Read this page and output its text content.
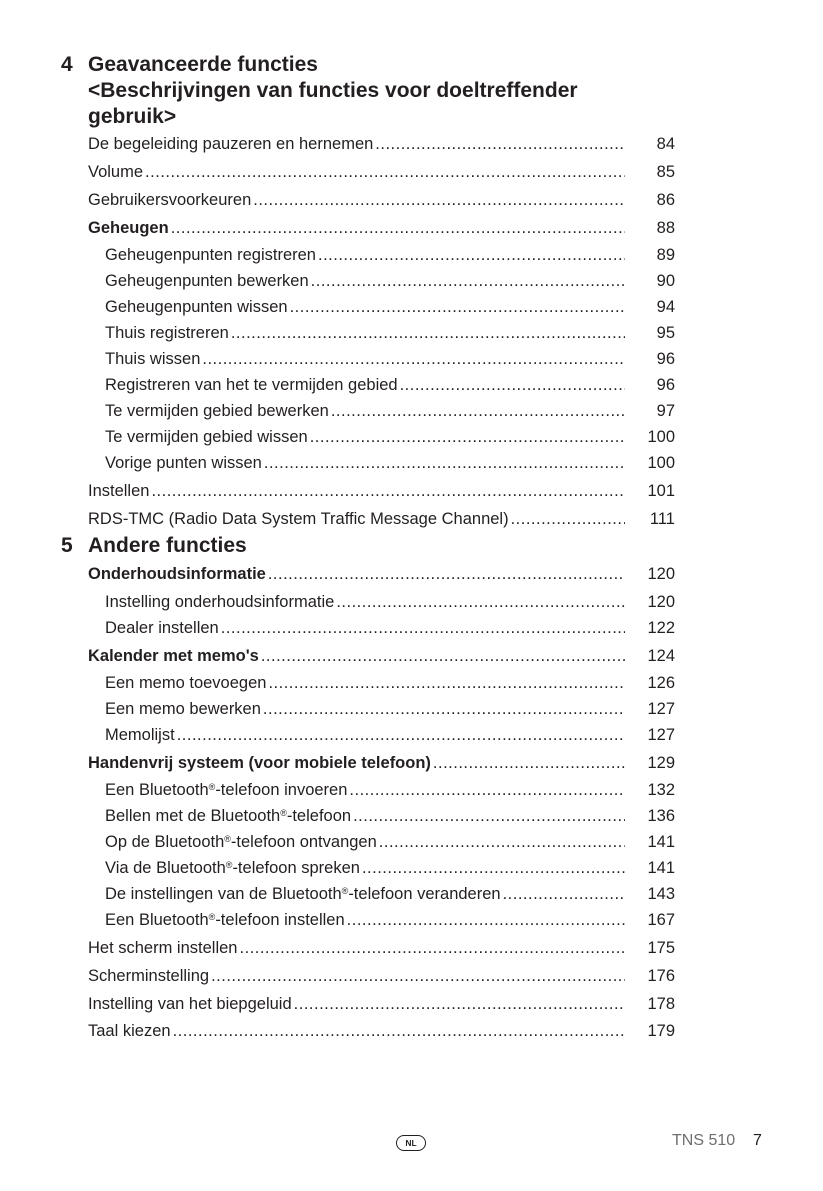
4 Geavanceerde functies
<Beschrijvingen van functies voor doeltreffender
gebruik>
De begeleiding pauzeren en hernemen .....	84
Volume .....	85
Gebruikersvoorkeuren .....	86
Geheugen .....	88
Geheugenpunten registreren .....	89
Geheugenpunten bewerken .....	90
Geheugenpunten wissen .....	94
Thuis registreren .....	95
Thuis wissen .....	96
Registreren van het te vermijden gebied .....	96
Te vermijden gebied bewerken .....	97
Te vermijden gebied wissen .....	100
Vorige punten wissen .....	100
Instellen .....	101
RDS-TMC (Radio Data System Traffic Message Channel) .....	111
5 Andere functies
Onderhoudsinformatie .....	120
Instelling onderhoudsinformatie .....	120
Dealer instellen .....	122
Kalender met memo's .....	124
Een memo toevoegen .....	126
Een memo bewerken .....	127
Memolijst .....	127
Handenvrij systeem (voor mobiele telefoon) .....	129
Een Bluetooth®-telefoon invoeren .....	132
Bellen met de Bluetooth®-telefoon .....	136
Op de Bluetooth®-telefoon ontvangen .....	141
Via de Bluetooth®-telefoon spreken .....	141
De instellingen van de Bluetooth®-telefoon veranderen .....	143
Een Bluetooth®-telefoon instellen .....	167
Het scherm instellen .....	175
Scherminstelling .....	176
Instelling van het biepgeluid .....	178
Taal kiezen .....	179
NL	TNS 510 7
